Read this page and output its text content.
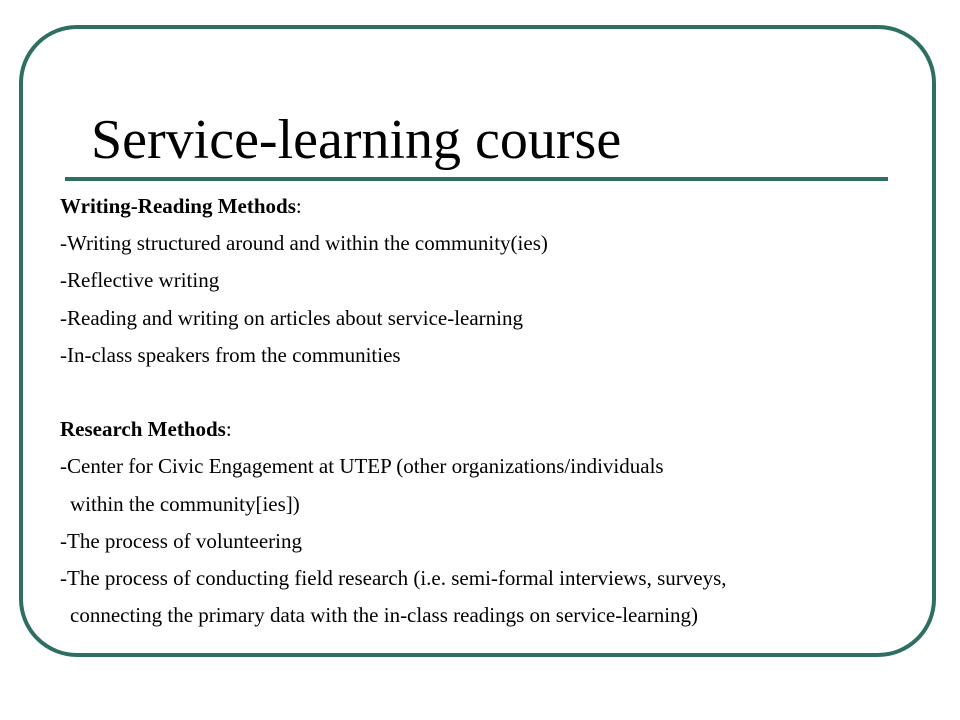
Service-learning course
Writing-Reading Methods:
-Writing structured around and within the community(ies)
-Reflective writing
-Reading and writing on articles about service-learning
-In-class speakers from the communities
Research Methods:
-Center for Civic Engagement at UTEP (other organizations/individuals
within the community[ies])
-The process of volunteering
-The process of conducting field research (i.e. semi-formal interviews, surveys,
connecting the primary data with the in-class readings on service-learning)
